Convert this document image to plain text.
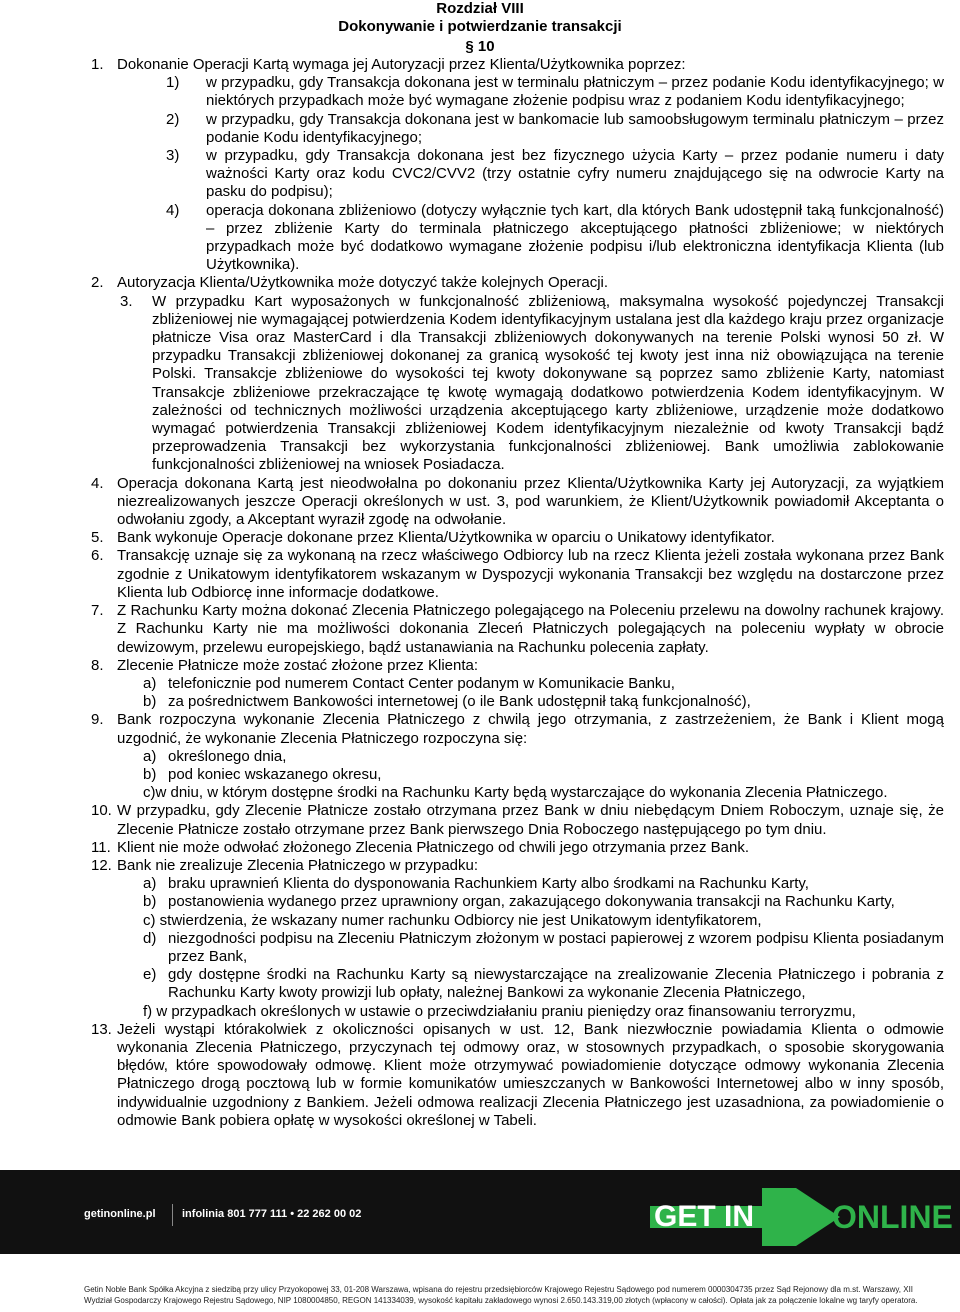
Rozdział VIII
Dokonywanie i potwierdzanie transakcji
§ 10

1. Dokonanie Operacji Kartą wymaga jej Autoryzacji przez Klienta/Użytkownika poprzez:

1) w przypadku, gdy Transakcja dokonana jest w terminalu płatniczym – przez podanie Kodu identyfikacyjnego; w niektórych przypadkach może być wymagane złożenie podpisu wraz z podaniem Kodu identyfikacyjnego;

2) w przypadku, gdy Transakcja dokonana jest w bankomacie lub samoobsługowym terminalu płatniczym – przez podanie Kodu identyfikacyjnego;

3) w przypadku, gdy Transakcja dokonana jest bez fizycznego użycia Karty – przez podanie numeru i daty ważności Karty oraz kodu CVC2/CVV2 (trzy ostatnie cyfry numeru znajdującego się na odwrocie Karty na pasku do podpisu);

4) operacja dokonana zbliżeniowo (dotyczy wyłącznie tych kart, dla których Bank udostępnił taką funkcjonalność) – przez zbliżenie Karty do terminala płatniczego akceptującego płatności zbliżeniowe; w niektórych przypadkach może być dodatkowo wymagane złożenie podpisu i/lub elektroniczna identyfikacja Klienta (lub Użytkownika).

2. Autoryzacja Klienta/Użytkownika może dotyczyć także kolejnych Operacji.

3. W przypadku Kart wyposażonych w funkcjonalność zbliżeniową, maksymalna wysokość pojedynczej Transakcji zbliżeniowej nie wymagającej potwierdzenia Kodem identyfikacyjnym ustalana jest dla każdego kraju przez organizacje płatnicze Visa oraz MasterCard i dla Transakcji zbliżeniowych dokonywanych na terenie Polski wynosi 50 zł. W przypadku Transakcji zbliżeniowej dokonanej za granicą wysokość tej kwoty jest inna niż obowiązująca na terenie Polski. Transakcje zbliżeniowe do wysokości tej kwoty dokonywane są poprzez samo zbliżenie Karty, natomiast Transakcje zbliżeniowe przekraczające tę kwotę wymagają dodatkowo potwierdzenia Kodem identyfikacyjnym. W zależności od technicznych możliwości urządzenia akceptującego karty zbliżeniowe, urządzenie może dodatkowo wymagać potwierdzenia Transakcji zbliżeniowej Kodem identyfikacyjnym niezależnie od kwoty Transakcji bądź przeprowadzenia Transakcji bez wykorzystania funkcjonalności zbliżeniowej. Bank umożliwia zablokowanie funkcjonalności zbliżeniowej na wniosek Posiadacza.

4. Operacja dokonana Kartą jest nieodwołalna po dokonaniu przez Klienta/Użytkownika Karty jej Autoryzacji, za wyjątkiem niezrealizowanych jeszcze Operacji określonych w ust. 3, pod warunkiem, że Klient/Użytkownik powiadomił Akceptanta o odwołaniu zgody, a Akceptant wyraził zgodę na odwołanie.

5. Bank wykonuje Operacje dokonane przez Klienta/Użytkownika w oparciu o Unikatowy identyfikator.

6. Transakcję uznaje się za wykonaną na rzecz właściwego Odbiorcy lub na rzecz Klienta jeżeli została wykonana przez Bank zgodnie z Unikatowym identyfikatorem wskazanym w Dyspozycji wykonania Transakcji bez względu na dostarczone przez Klienta lub Odbiorcę inne informacje dodatkowe.

7. Z Rachunku Karty można dokonać Zlecenia Płatniczego polegającego na Poleceniu przelewu na dowolny rachunek krajowy. Z Rachunku Karty nie ma możliwości dokonania Zleceń Płatniczych polegających na poleceniu wypłaty w obrocie dewizowym, przelewu europejskiego, bądź ustanawiania na Rachunku polecenia zapłaty.

8. Zlecenie Płatnicze może zostać złożone przez Klienta:

a) telefonicznie pod numerem Contact Center podanym w Komunikacie Banku,

b) za pośrednictwem Bankowości internetowej (o ile Bank udostępnił taką funkcjonalność),

9. Bank rozpoczyna wykonanie Zlecenia Płatniczego z chwilą jego otrzymania, z zastrzeżeniem, że Bank i Klient mogą uzgodnić, że wykonanie Zlecenia Płatniczego rozpoczyna się:

a) określonego dnia,

b) pod koniec wskazanego okresu,

c)w dniu, w którym dostępne środki na Rachunku Karty będą wystarczające do wykonania Zlecenia Płatniczego.

10. W przypadku, gdy Zlecenie Płatnicze zostało otrzymana przez Bank w dniu niebędącym Dniem Roboczym, uznaje się, że Zlecenie Płatnicze zostało otrzymane przez Bank pierwszego Dnia Roboczego następującego po tym dniu.

11. Klient nie może odwołać złożonego Zlecenia Płatniczego od chwili jego otrzymania przez Bank.

12. Bank nie zrealizuje Zlecenia Płatniczego w przypadku:

a) braku uprawnień Klienta do dysponowania Rachunkiem Karty albo środkami na Rachunku Karty,

b) postanowienia wydanego przez uprawniony organ, zakazującego dokonywania transakcji na Rachunku Karty,

c) stwierdzenia, że wskazany numer rachunku Odbiorcy nie jest Unikatowym identyfikatorem,

d) niezgodności podpisu na Zleceniu Płatniczym złożonym w postaci papierowej z wzorem podpisu Klienta posiadanym przez Bank,

e) gdy dostępne środki na Rachunku Karty są niewystarczające na zrealizowanie Zlecenia Płatniczego i pobrania z Rachunku Karty kwoty prowizji lub opłaty, należnej Bankowi za wykonanie Zlecenia Płatniczego,

f) w przypadkach określonych w ustawie o przeciwdziałaniu praniu pieniędzy oraz finansowaniu terroryzmu,

13. Jeżeli wystąpi którakolwiek z okoliczności opisanych w ust. 12, Bank niezwłocznie powiadamia Klienta o odmowie wykonania Zlecenia Płatniczego, przyczynach tej odmowy oraz, w stosownych przypadkach, o sposobie skorygowania błędów, które spowodowały odmowę. Klient może otrzymywać powiadomienie dotyczące odmowy wykonania Zlecenia Płatniczego drogą pocztową lub w formie komunikatów umieszczanych w Bankowości Internetowej albo w inny sposób, indywidualnie uzgodniony z Bankiem. Jeżeli odmowa realizacji Zlecenia Płatniczego jest uzasadniona, za powiadomienie o odmowie Bank pobiera opłatę w wysokości określonej w Tabeli.

getinonline.pl infolinia 801 777 111 • 22 262 00 02	GET IN ONLINE
Getin Noble Bank Spółka Akcyjna z siedzibą przy ulicy Przyokopowej 33, 01-208 Warszawa, wpisana do rejestru przedsiębiorców Krajowego Rejestru Sądowego pod numerem 0000304735 przez Sąd Rejonowy dla m.st. Warszawy, XII
Wydział Gospodarczy Krajowego Rejestru Sądowego, NIP 1080004850, REGON 141334039, wysokość kapitału zakładowego wynosi 2.650.143.319,00 złotych (wpłacony w całości). Opłata jak za połączenie lokalne wg taryfy operatora.
